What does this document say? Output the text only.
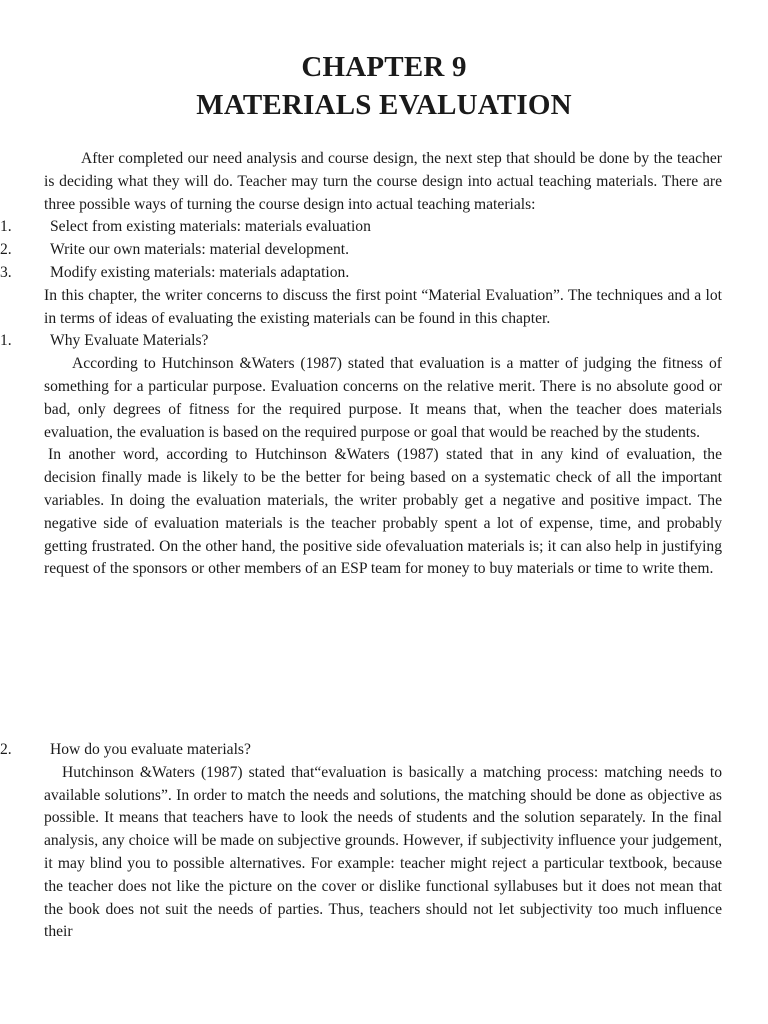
CHAPTER 9
MATERIALS EVALUATION

After completed our need analysis and course design, the next step that should be done by the teacher is deciding what they will do. Teacher may turn the course design into actual teaching materials. There are three possible ways of turning the course design into actual teaching materials:

1.	Select from existing materials: materials evaluation

2.	Write our own materials: material development.

3.	Modify existing materials: materials adaptation.

In this chapter, the writer concerns to discuss the first point “Material Evaluation”. The techniques and a lot in terms of ideas of evaluating the existing materials can be found in this chapter.

1.	Why Evaluate Materials?

According to Hutchinson &Waters (1987) stated that evaluation is a matter of judging the fitness of something for a particular purpose. Evaluation concerns on the relative merit. There is no absolute good or bad, only degrees of fitness for the required purpose. It means that, when the teacher does materials evaluation, the evaluation is based on the required purpose or goal that would be reached by the students.

In another word, according to Hutchinson &Waters (1987) stated that in any kind of evaluation, the decision finally made is likely to be the better for being based on a systematic check of all the important variables. In doing the evaluation materials, the writer probably get a negative and positive impact. The negative side of evaluation materials is the teacher probably spent a lot of expense, time, and probably getting frustrated. On the other hand, the positive side ofevaluation materials is; it can also help in justifying request of the sponsors or other members of an ESP team for money to buy materials or time to write them.

2.	How do you evaluate materials?

Hutchinson &Waters (1987) stated that“evaluation is basically a matching process: matching needs to available solutions”. In order to match the needs and solutions, the matching should be done as objective as possible. It means that teachers have to look the needs of students and the solution separately. In the final analysis, any choice will be made on subjective grounds. However, if subjectivity influence your judgement, it may blind you to possible alternatives. For example: teacher might reject a particular textbook, because the teacher does not like the picture on the cover or dislike functional syllabuses but it does not mean that the book does not suit the needs of parties. Thus, teachers should not let subjectivity too much influence their
